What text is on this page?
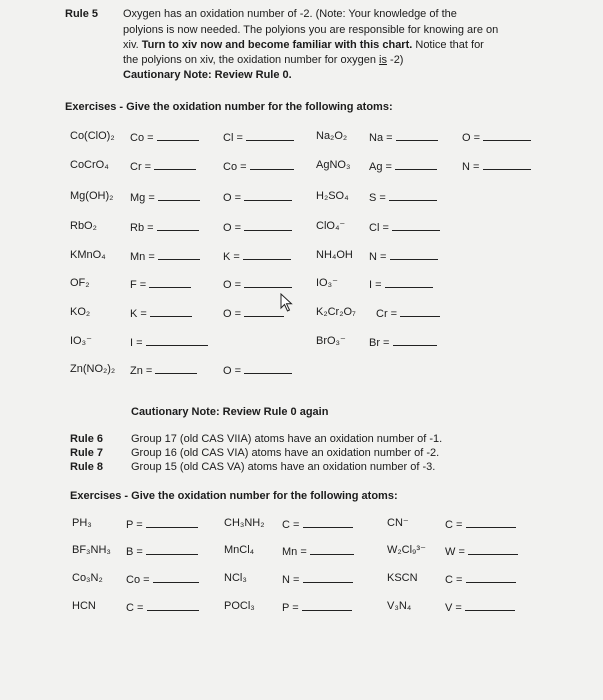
Rule 5 Oxygen has an oxidation number of -2. (Note: Your knowledge of the
polyions is now needed. The polyions you are responsible for knowing are on
xiv. Turn to xiv now and become familiar with this chart. Notice that for
the polyions on xiv, the oxidation number for oxygen is -2)
Cautionary Note: Review Rule 0.
Exercises - Give the oxidation number for the following atoms:
Co(ClO)₂ Co =	Cl =	Na₂O₂ Na =	O =
CoCrO₄ Cr =	Co =	AgNO₃ Ag =	N =
Mg(OH)₂ Mg =	O =	H₂SO₄ S =
RbO₂	Rb =	O =	ClO₄⁻ Cl =
KMnO₄ Mn =	K =	NH₄OH N =
OF₂	F =	O =	IO₃⁻	I =
KO₂	K =	O =	K₂Cr₂O₇ Cr =
IO₃⁻	I =	BrO₃⁻ Br =
Zn(NO₂)₂ Zn =	O =
Cautionary Note: Review Rule 0 again
Rule 6	Group 17 (old CAS VIIA) atoms have an oxidation number of -1.
Rule 7	Group 16 (old CAS VIA) atoms have an oxidation number of -2.
Rule 8	Group 15 (old CAS VA) atoms have an oxidation number of -3.
Exercises - Give the oxidation number for the following atoms:
PH₃	P =	CH₃NH₂ C =	CN⁻	C =
BF₃NH₃ B =	MnCl₄	Mn =	W₂Cl₉³⁻ W =
Co₃N₂ Co =	NCl₃	N =	KSCN C =
HCN	C =	POCl₃ P =	V₃N₄	V =
